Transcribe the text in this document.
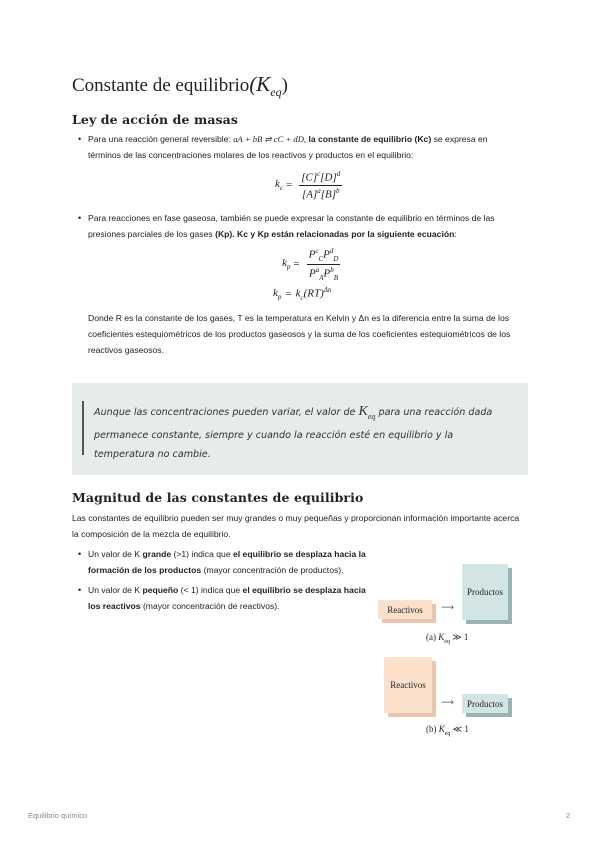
Constante de $equilibrio(K_{eq})$
Ley de acción de masas
• Para una reacción general reversible: aA + bB ⇌ cC + dD, la constante de equilibrio (Kc) se expresa en términos de las concentraciones molares de los reactivos y productos en el equilibrio:
$k_c = \frac{[C]^c[D]^d}{[A]^a[B]^b}$
• Para reacciones en fase gaseosa, también se puede expresar la constante de equilibrio en términos de las presiones parciales de los gases (Kp). Kc y Kp están relacionadas por la siguiente ecuación:
$k_p = \frac{P^c_CP^d_D}{P^a_AP^b_B}$
$k_p = k_c(RT)^{\Delta n}$

Donde R es la constante de los gases, T es la temperatura en Kelvin y Δn es la diferencia entre la suma de los coeficientes estequiométricos de los productos gaseosos y la suma de los coeficientes estequiométricos de los reactivos gaseosos.

Aunque las concentraciones pueden variar, el valor de $K_{eq}$ para una reacción dada permanece constante, siempre y cuando la reacción esté en equilibrio y la temperatura no cambie.

Magnitud de las constantes de equilibrio

Las constantes de equilibrio pueden ser muy grandes o muy pequeñas y proporcionan información importante acerca la composición de la mezcla de equilibrio.

• Un valor de K grande (>1) indica que el equilibrio se desplaza hacia la formación de los productos (mayor concentración de productos).
• Un valor de K pequeño (< 1) indica que el equilibrio se desplaza hacia los reactivos (mayor concentración de reactivos).	Reactivos	⟶
Productos
(a) $K_{eq}$ ≫ 1
Reactivos
⟶	Productos
(b) $K_{eq}$ ≪ 1
Equilibrio químico	2
